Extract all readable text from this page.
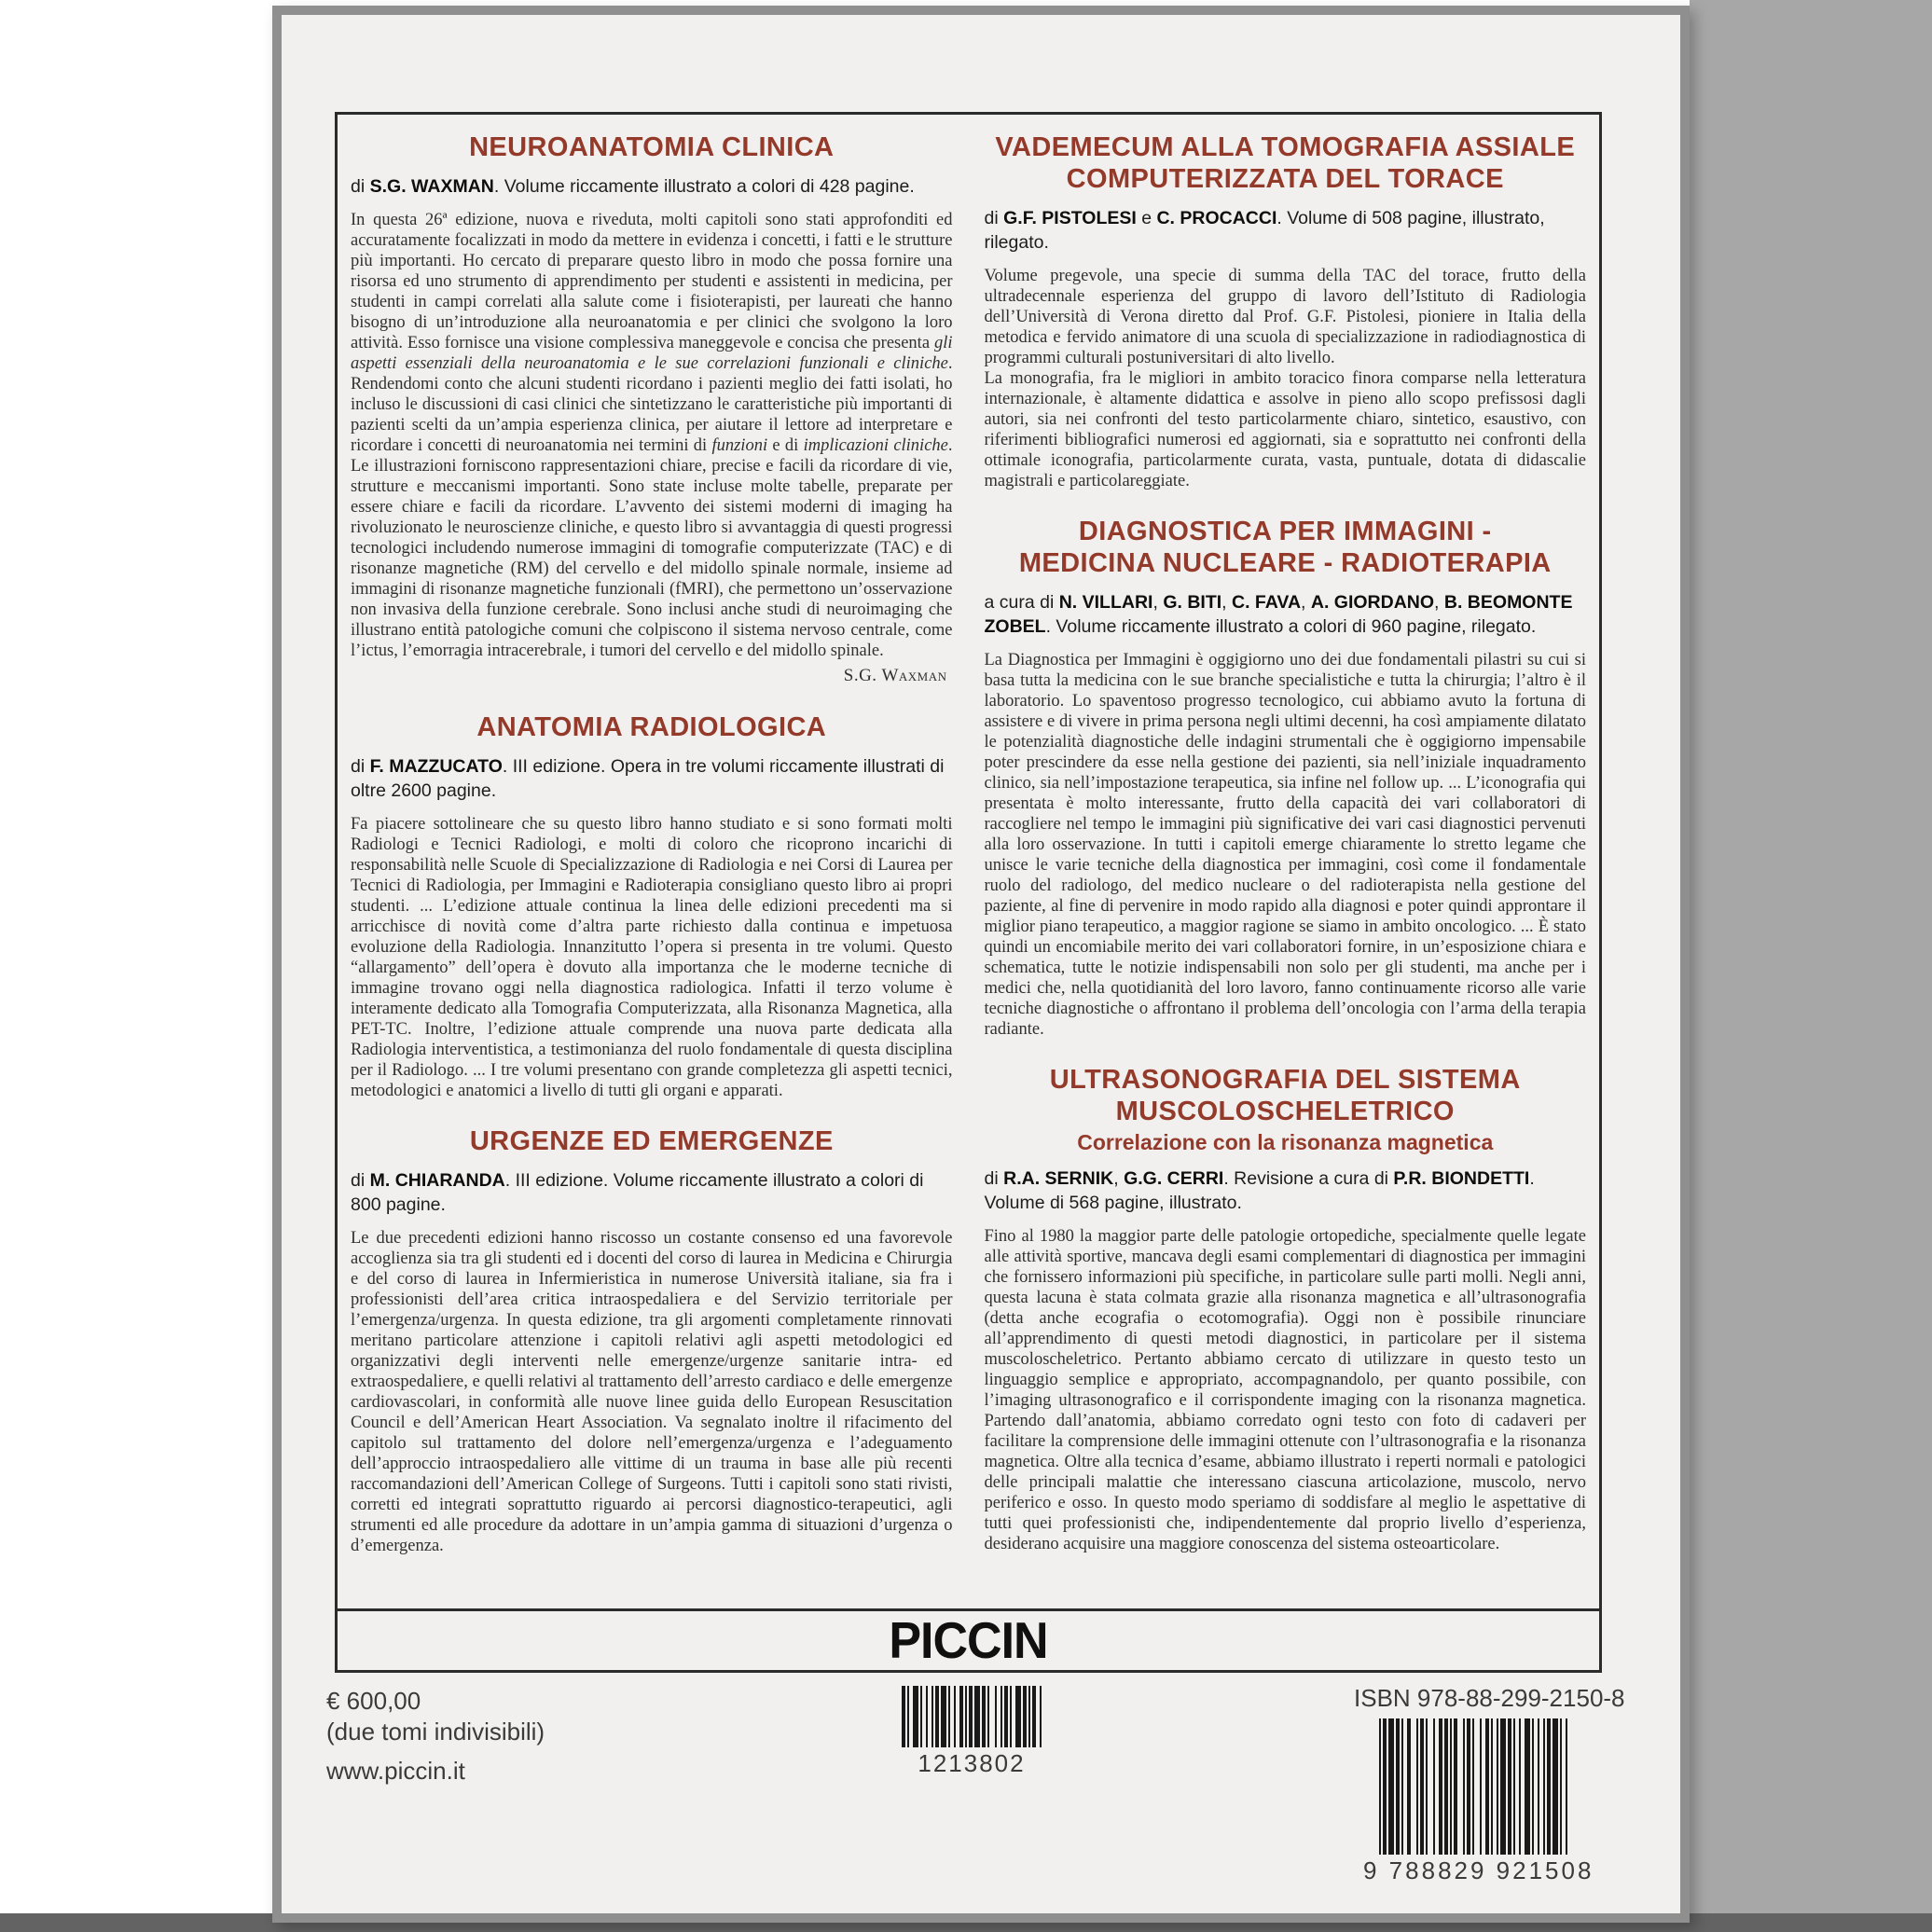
NEUROANATOMIA CLINICA
di S.G. WAXMAN. Volume riccamente illustrato a colori di 428 pagine.

In questa 26ª edizione, nuova e riveduta, molti capitoli sono stati approfonditi ed accuratamente focalizzati in modo da mettere in evidenza i concetti, i fatti e le strutture più importanti. Ho cercato di preparare questo libro in modo che possa fornire una risorsa ed uno strumento di apprendimento per studenti e assistenti in medicina, per studenti in campi correlati alla salute come i fisioterapisti, per laureati che hanno bisogno di un’introduzione alla neuroanatomia e per clinici che svolgono la loro attività. Esso fornisce una visione complessiva maneggevole e concisa che presenta gli aspetti essenziali della neuroanatomia e le sue correlazioni funzionali e cliniche. Rendendomi conto che alcuni studenti ricordano i pazienti meglio dei fatti isolati, ho incluso le discussioni di casi clinici che sintetizzano le caratteristiche più importanti di pazienti scelti da un’ampia esperienza clinica, per aiutare il lettore ad interpretare e ricordare i concetti di neuroanatomia nei termini di funzioni e di implicazioni cliniche. Le illustrazioni forniscono rappresentazioni chiare, precise e facili da ricordare di vie, strutture e meccanismi importanti. Sono state incluse molte tabelle, preparate per essere chiare e facili da ricordare. L’avvento dei sistemi moderni di imaging ha rivoluzionato le neuroscienze cliniche, e questo libro si avvantaggia di questi progressi tecnologici includendo numerose immagini di tomografie computerizzate (TAC) e di risonanze magnetiche (RM) del cervello e del midollo spinale normale, insieme ad immagini di risonanze magnetiche funzionali (fMRI), che permettono un’osservazione non invasiva della funzione cerebrale. Sono inclusi anche studi di neuroimaging che illustrano entità patologiche comuni che colpiscono il sistema nervoso centrale, come l’ictus, l’emorragia intracerebrale, i tumori del cervello e del midollo spinale.

S.G. Waxman
ANATOMIA RADIOLOGICA
di F. MAZZUCATO. III edizione. Opera in tre volumi riccamente illustrati di oltre 2600 pagine.

Fa piacere sottolineare che su questo libro hanno studiato e si sono formati molti Radiologi e Tecnici Radiologi, e molti di coloro che ricoprono incarichi di responsabilità nelle Scuole di Specializzazione di Radiologia e nei Corsi di Laurea per Tecnici di Radiologia, per Immagini e Radioterapia consigliano questo libro ai propri studenti. ... L’edizione attuale continua la linea delle edizioni precedenti ma si arricchisce di novità come d’altra parte richiesto dalla continua e impetuosa evoluzione della Radiologia. Innanzitutto l’opera si presenta in tre volumi. Questo “allargamento” dell’opera è dovuto alla importanza che le moderne tecniche di immagine trovano oggi nella diagnostica radiologica. Infatti il terzo volume è interamente dedicato alla Tomografia Computerizzata, alla Risonanza Magnetica, alla PET-TC. Inoltre, l’edizione attuale comprende una nuova parte dedicata alla Radiologia interventistica, a testimonianza del ruolo fondamentale di questa disciplina per il Radiologo. ... I tre volumi presentano con grande completezza gli aspetti tecnici, metodologici e anatomici a livello di tutti gli organi e apparati.

URGENZE ED EMERGENZE
di M. CHIARANDA. III edizione. Volume riccamente illustrato a colori di 800 pagine.

Le due precedenti edizioni hanno riscosso un costante consenso ed una favorevole accoglienza sia tra gli studenti ed i docenti del corso di laurea in Medicina e Chirurgia e del corso di laurea in Infermieristica in numerose Università italiane, sia fra i professionisti dell’area critica intraospedaliera e del Servizio territoriale per l’emergenza/urgenza. In questa edizione, tra gli argomenti completamente rinnovati meritano particolare attenzione i capitoli relativi agli aspetti metodologici ed organizzativi degli interventi nelle emergenze/urgenze sanitarie intra- ed extraospedaliere, e quelli relativi al trattamento dell’arresto cardiaco e delle emergenze cardiovascolari, in conformità alle nuove linee guida dello European Resuscitation Council e dell’American Heart Association. Va segnalato inoltre il rifacimento del capitolo sul trattamento del dolore nell’emergenza/urgenza e l’adeguamento dell’approccio intraospedaliero alle vittime di un trauma in base alle più recenti raccomandazioni dell’American College of Surgeons. Tutti i capitoli sono stati rivisti, corretti ed integrati soprattutto riguardo ai percorsi diagnostico-terapeutici, agli strumenti ed alle procedure da adottare in un’ampia gamma di situazioni d’urgenza o d’emergenza.

VADEMECUM ALLA TOMOGRAFIA ASSIALE
COMPUTERIZZATA DEL TORACE
di G.F. PISTOLESI e C. PROCACCI. Volume di 508 pagine, illustrato, rilegato.

Volume pregevole, una specie di summa della TAC del torace, frutto della ultradecennale esperienza del gruppo di lavoro dell’Istituto di Radiologia dell’Università di Verona diretto dal Prof. G.F. Pistolesi, pioniere in Italia della metodica e fervido animatore di una scuola di specializzazione in radiodiagnostica di programmi culturali postuniversitari di alto livello.

La monografia, fra le migliori in ambito toracico finora comparse nella letteratura internazionale, è altamente didattica e assolve in pieno allo scopo prefissosi dagli autori, sia nei confronti del testo particolarmente chiaro, sintetico, esaustivo, con riferimenti bibliografici numerosi ed aggiornati, sia e soprattutto nei confronti della ottimale iconografia, particolarmente curata, vasta, puntuale, dotata di didascalie magistrali e particolareggiate.

DIAGNOSTICA PER IMMAGINI -
MEDICINA NUCLEARE - RADIOTERAPIA
a cura di N. VILLARI, G. BITI, C. FAVA, A. GIORDANO, B. BEOMONTE ZOBEL. Volume riccamente illustrato a colori di 960 pagine, rilegato.

La Diagnostica per Immagini è oggigiorno uno dei due fondamentali pilastri su cui si basa tutta la medicina con le sue branche specialistiche e tutta la chirurgia; l’altro è il laboratorio. Lo spaventoso progresso tecnologico, cui abbiamo avuto la fortuna di assistere e di vivere in prima persona negli ultimi decenni, ha così ampiamente dilatato le potenzialità diagnostiche delle indagini strumentali che è oggigiorno impensabile poter prescindere da esse nella gestione dei pazienti, sia nell’iniziale inquadramento clinico, sia nell’impostazione terapeutica, sia infine nel follow up. ... L’iconografia qui presentata è molto interessante, frutto della capacità dei vari collaboratori di raccogliere nel tempo le immagini più significative dei vari casi diagnostici pervenuti alla loro osservazione. In tutti i capitoli emerge chiaramente lo stretto legame che unisce le varie tecniche della diagnostica per immagini, così come il fondamentale ruolo del radiologo, del medico nucleare o del radioterapista nella gestione del paziente, al fine di pervenire in modo rapido alla diagnosi e poter quindi approntare il miglior piano terapeutico, a maggior ragione se siamo in ambito oncologico. ... È stato quindi un encomiabile merito dei vari collaboratori fornire, in un’esposizione chiara e schematica, tutte le notizie indispensabili non solo per gli studenti, ma anche per i medici che, nella quotidianità del loro lavoro, fanno continuamente ricorso alle varie tecniche diagnostiche o affrontano il problema dell’oncologia con l’arma della terapia radiante.

ULTRASONOGRAFIA DEL SISTEMA
MUSCOLOSCHELETRICO
Correlazione con la risonanza magnetica
di R.A. SERNIK, G.G. CERRI. Revisione a cura di P.R. BIONDETTI. Volume di 568 pagine, illustrato.

Fino al 1980 la maggior parte delle patologie ortopediche, specialmente quelle legate alle attività sportive, mancava degli esami complementari di diagnostica per immagini che fornissero informazioni più specifiche, in particolare sulle parti molli. Negli anni, questa lacuna è stata colmata grazie alla risonanza magnetica e all’ultrasonografia (detta anche ecografia o ecotomografia). Oggi non è possibile rinunciare all’apprendimento di questi metodi diagnostici, in particolare per il sistema muscoloscheletrico. Pertanto abbiamo cercato di utilizzare in questo testo un linguaggio semplice e appropriato, accompagnandolo, per quanto possibile, con l’imaging ultrasonografico e il corrispondente imaging con la risonanza magnetica. Partendo dall’anatomia, abbiamo corredato ogni testo con foto di cadaveri per facilitare la comprensione delle immagini ottenute con l’ultrasonografia e la risonanza magnetica. Oltre alla tecnica d’esame, abbiamo illustrato i reperti normali e patologici delle principali malattie che interessano ciascuna articolazione, muscolo, nervo periferico e osso. In questo modo speriamo di soddisfare al meglio le aspettative di tutti quei professionisti che, indipendentemente dal proprio livello d’esperienza, desiderano acquisire una maggiore conoscenza del sistema osteoarticolare.

PICCIN
€ 600,00
(due tomi indivisibili)
www.piccin.it	1213802
ISBN 978-88-299-2150-8
9 788829 921508
